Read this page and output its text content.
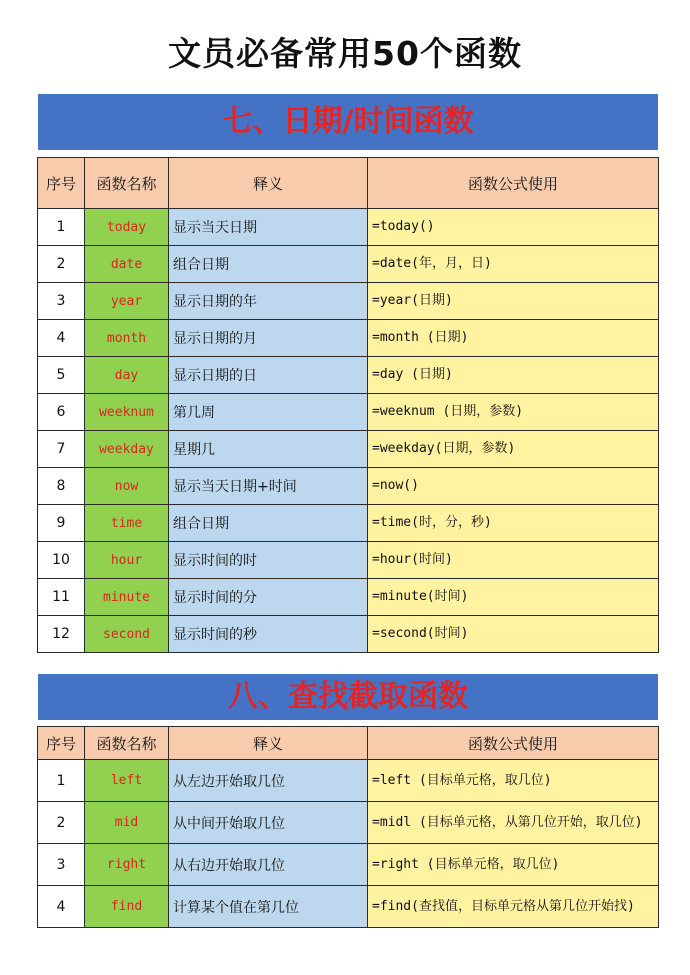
文员必备常用50个函数
七、日期/时间函数
序号	函数名称	释义	函数公式使用
1	today	显示当天日期	=today()
2	date	组合日期	=date(年，月，日)
3	year	显示日期的年	=year(日期)
4	month	显示日期的月	=month (日期)
5	day	显示日期的日	=day (日期)
6	weeknum	第几周	=weeknum (日期，参数)
7	weekday	星期几	=weekday(日期，参数)
8	now	显示当天日期+时间	=now()
9	time	组合日期	=time(时，分，秒)
10	hour	显示时间的时	=hour(时间)
11	minute	显示时间的分	=minute(时间)
12	second	显示时间的秒	=second(时间)
八、查找截取函数
序号	函数名称	释义	函数公式使用
1	left	从左边开始取几位	=left (目标单元格，取几位)
2	mid	从中间开始取几位	=midl (目标单元格，从第几位开始，取几位)
3	right	从右边开始取几位	=right (目标单元格，取几位)
4	find	计算某个值在第几位	=find(查找值，目标单元格从第几位开始找)
